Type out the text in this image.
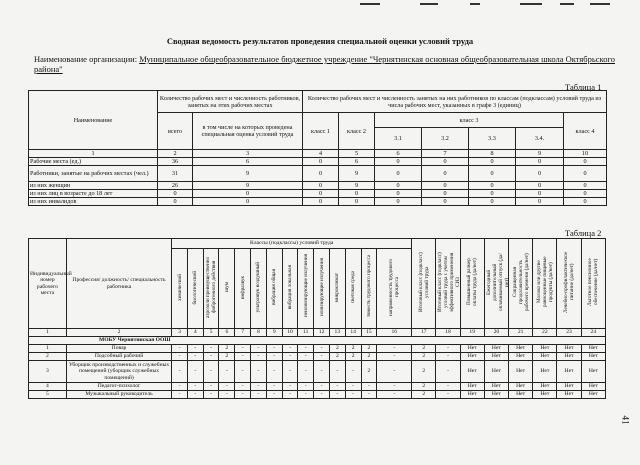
Сводная ведомость результатов проведения специальной оценки условий труда
Наименование организации: Муниципальное общеобразовательное бюджетное учреждение "Чернятинская основная общеобразовательная школа Октябрьского района"
Таблица 1
Наименование	Количество рабочих мест и численность работников, занятых на этих рабочих местах		Количество рабочих мест и численность занятых на них работников по классам (подклассам) условий труда из числа рабочих мест, указанных в графе 3 (единиц)						
	всего	в том числе на которых проведена специальная оценка условий труда	класс 1	класс 2	класс 3				класс 4
					3.1	3.2	3.3	3.4.	
1	2	3	4	5	6	7	8	9	10
Рабочие места (ед.)	36	6	0	6	0	0	0	0	0
Работники, занятые на рабочих местах (чел.)	31	9	0	9	0	0	0	0	0
из них женщин	26	9	0	9	0	0	0	0	0
из них лиц в возрасте до 18 лет	0	0	0	0	0	0	0	0	0
из них инвалидов	0	0	0	0	0	0	0	0	0
Таблица 2
Индивидуальный номер рабочего места	Профессия/ должность/ специальность работника	Классы (подклассы) условий труда														Итоговый класс (подкласс) условий труда	Итоговый класс (подкласс) условий труда с учетом эффективного применения СИЗ	Повышенный размер оплаты труда (да/нет)	Ежегодный дополнительный оплачиваемый отпуск (да/нет)	Сокращенная продолжительность рабочего времени (да/нет)	Молоко или другие равноценные пищевые продукты (да/нет)	Лечебно-профилактическое питание (да/нет)	Льготное пенсионное обеспечение (да/нет)
		химический	биологический	аэрозоли преимущественно фиброгенного действия	шум	инфразвук	ультразвук воздушный	вибрация общая	вибрация локальная	неионизирующие излучения	ионизирующие излучения	микроклимат	световая среда	тяжесть трудового процесса	напряженность трудового процесса								
1	2	3	4	5	6	7	8	9	10	11	12	13	14	15	16	17	18	19	20	21	22	23	24
МОБУ Чернятинская ООШ																							
1	Повар	-	-	-	2	-	-	-	-	-	-	2	2	2	-	2	-	Нет	Нет	Нет	Нет	Нет	Нет
2	Подсобный рабочий	-	-	-	2	-	-	-	-	-	-	2	2	2	-	2	-	Нет	Нет	Нет	Нет	Нет	Нет
3	Уборщик производственных и служебных помещений (уборщик служебных помещений)	-	-	-	-	-	-	-	-	-	-	-	-	2	-	2	-	Нет	Нет	Нет	Нет	Нет	Нет
4	Педагог-психолог	-	-	-	-	-	-	-	-	-	-	-	-	-	-	2	-	Нет	Нет	Нет	Нет	Нет	Нет
5	Музыкальный руководитель	-	-	-	-	-	-	-	-	-	-	-	-	-	-	2	-	Нет	Нет	Нет	Нет	Нет	Нет
41
